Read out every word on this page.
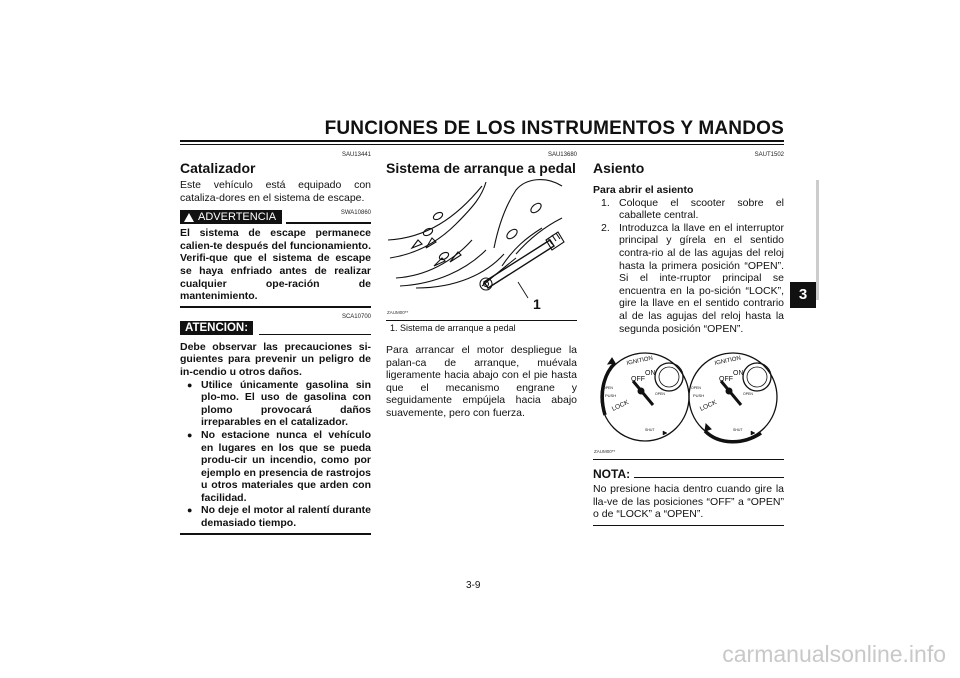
FUNCIONES DE LOS INSTRUMENTOS Y MANDOS
3
SAU13441
Catalizador
Este vehículo está equipado con cataliza-dores en el sistema de escape.
ADVERTENCIA	SWA10860
El sistema de escape permanece calien-te después del funcionamiento. Verifi-que que el sistema de escape se haya enfriado antes de realizar cualquier ope-ración de mantenimiento.
SCA10700
ATENCION:
Debe observar las precauciones si-guientes para prevenir un peligro de in-cendio u otros daños.
● Utilice únicamente gasolina sin plo-mo. El uso de gasolina con plomo provocará daños irreparables en el catalizador.
● No estacione nunca el vehículo en lugares en los que se pueda produ-cir un incendio, como por ejemplo en presencia de rastrojos u otros materiales que arden con facilidad.
● No deje el motor al ralentí durante demasiado tiempo.
SAU13680
Sistema de arranque a pedal
1
ZAUM00**
1. Sistema de arranque a pedal
Para arrancar el motor despliegue la palan-ca de arranque, muévala ligeramente hacia abajo con el pie hasta que el mecanismo engrane y seguidamente empújela hacia abajo suavemente, pero con fuerza.
SAUT1502
Asiento
Para abrir el asiento
1. Coloque el scooter sobre el caballete central.
2. Introduzca la llave en el interruptor principal y gírela en el sentido contra-rio al de las agujas del reloj hasta la primera posición “OPEN”. Si el inte-rruptor principal se encuentra en la po-sición “LOCK”, gire la llave en el sentido contrario al de las agujas del reloj hasta la segunda posición “OPEN”.
IGNITION
OFF
ON
LOCK
OPEN
OPEN
PUSH
SHUT
IGNITION
OFF
ON
LOCK
OPEN
OPEN
PUSH
SHUT
ZAUM00**
NOTA:
No presione hacia dentro cuando gire la lla-ve de las posiciones “OFF” a “OPEN” o de “LOCK” a “OPEN”.
3-9
carmanualsonline.info
